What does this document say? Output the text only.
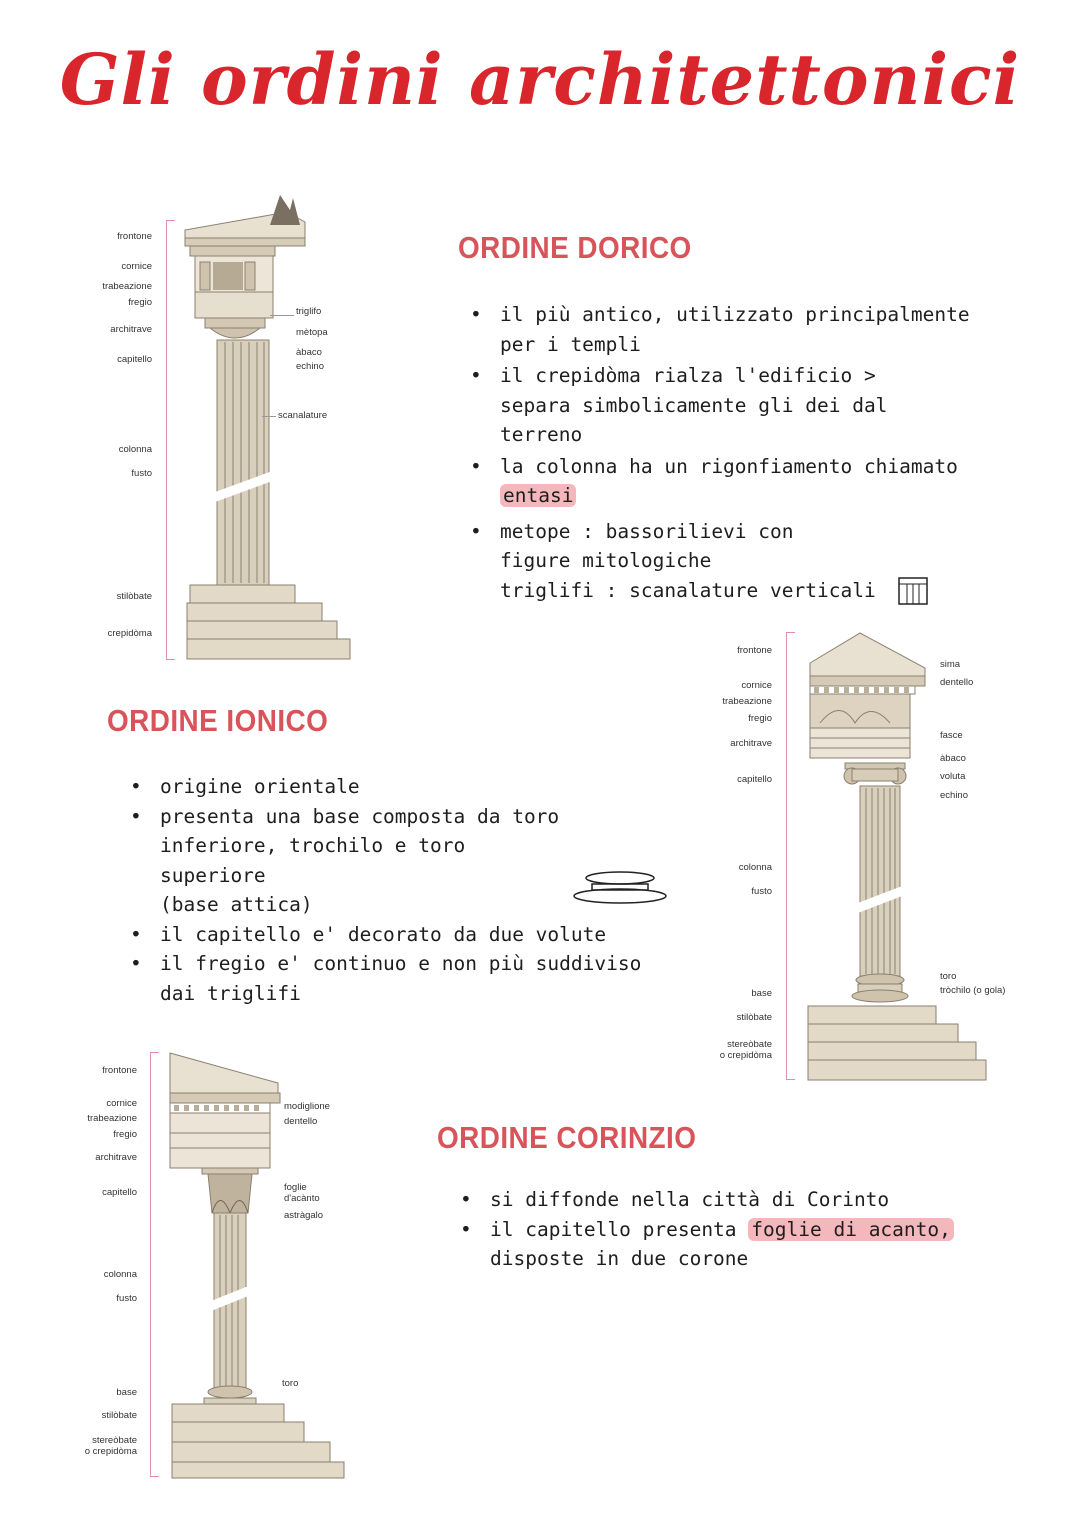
Gli ordini architettonici
frontone
cornice
trabeazione
fregio
architrave
capitello
colonna
fusto
stilòbate
crepidòma
triglifo
mètopa
àbaco
echino
scanalature
ORDINE DORICO
• il più antico, utilizzato principalmente per i templi
• il crepidòma rialza l'edificio > separa simbolicamente gli dei dal terreno
• la colonna ha un rigonfiamento chiamato
entasi
• metope : bassorilievi con figure mitologiche
triglifi : scanalature verticali
frontone
cornice
trabeazione
fregio
architrave
capitello
colonna
fusto
base
stilòbate
stereòbate
o crepidòma
sima
dentello
fasce
àbaco
voluta
echino
toro
tròchilo (o gola)
ORDINE IONICO
• origine orientale
• presenta una base composta da toro inferiore, trochilo e toro superiore
(base attica)
• il capitello e' decorato da due volute
• il fregio e' continuo e non più suddiviso dai triglifi
frontone
cornice
trabeazione
fregio
architrave
capitello
colonna
fusto
base
stilòbate
stereòbate
o crepidòma
modiglione
dentello
foglie
d'acànto
astràgalo
toro
ORDINE CORINZIO
• si diffonde nella città di Corinto
• il capitello presenta foglie di acanto,
disposte in due corone
